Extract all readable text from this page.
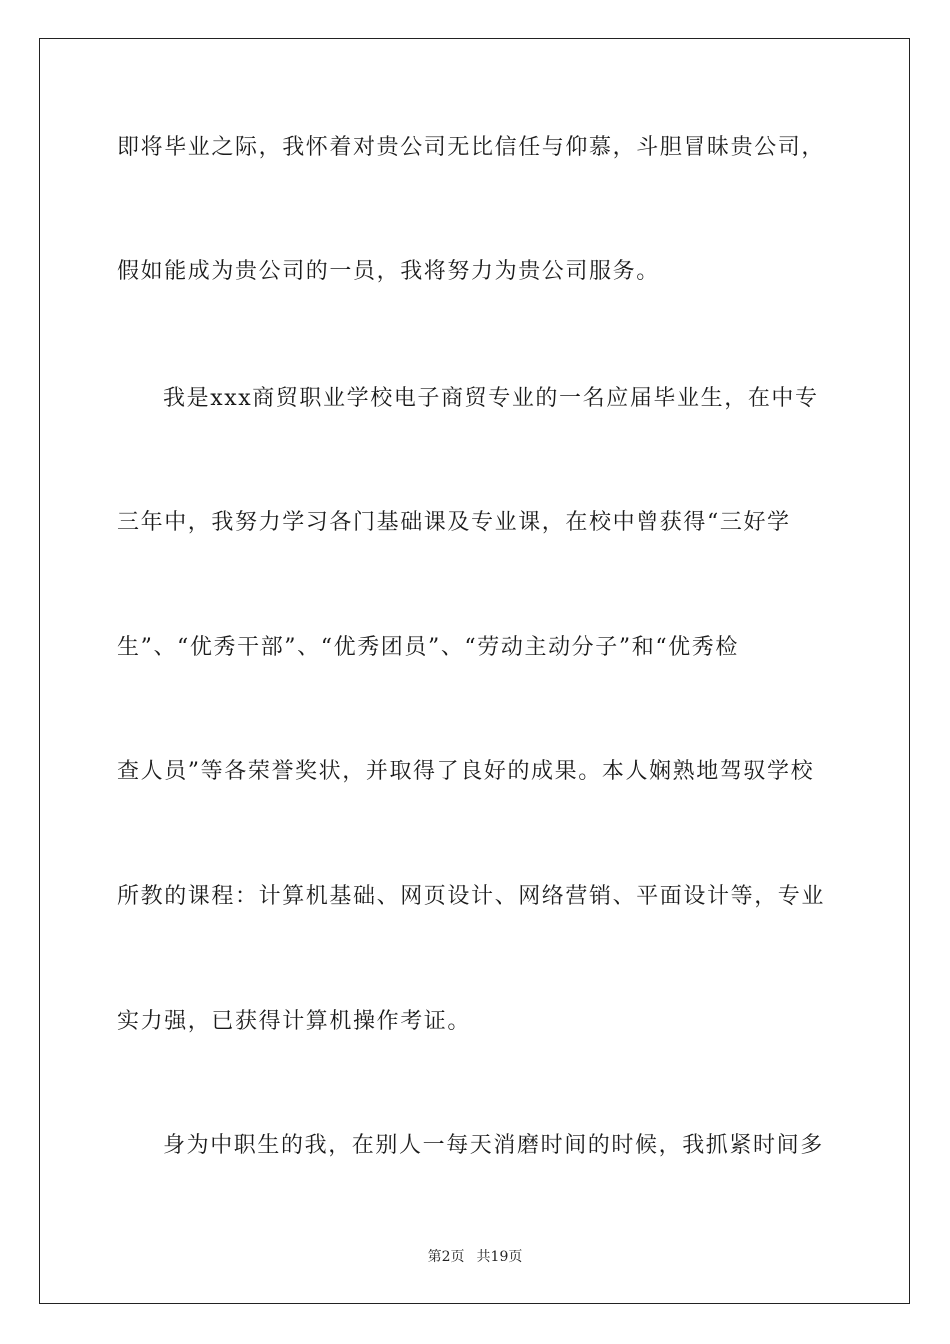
即将毕业之际，我怀着对贵公司无比信任与仰慕，斗胆冒昧贵公司，
假如能成为贵公司的一员，我将努力为贵公司服务。
我是xxx商贸职业学校电子商贸专业的一名应届毕业生，在中专
三年中，我努力学习各门基础课及专业课，在校中曾获得“三好学
生”、“优秀干部”、“优秀团员”、“劳动主动分子”和“优秀检
查人员”等各荣誉奖状，并取得了良好的成果。本人娴熟地驾驭学校
所教的课程：计算机基础、网页设计、网络营销、平面设计等，专业
实力强，已获得计算机操作考证。
身为中职生的我，在别人一每天消磨时间的时候，我抓紧时间多
第2页 共19页
